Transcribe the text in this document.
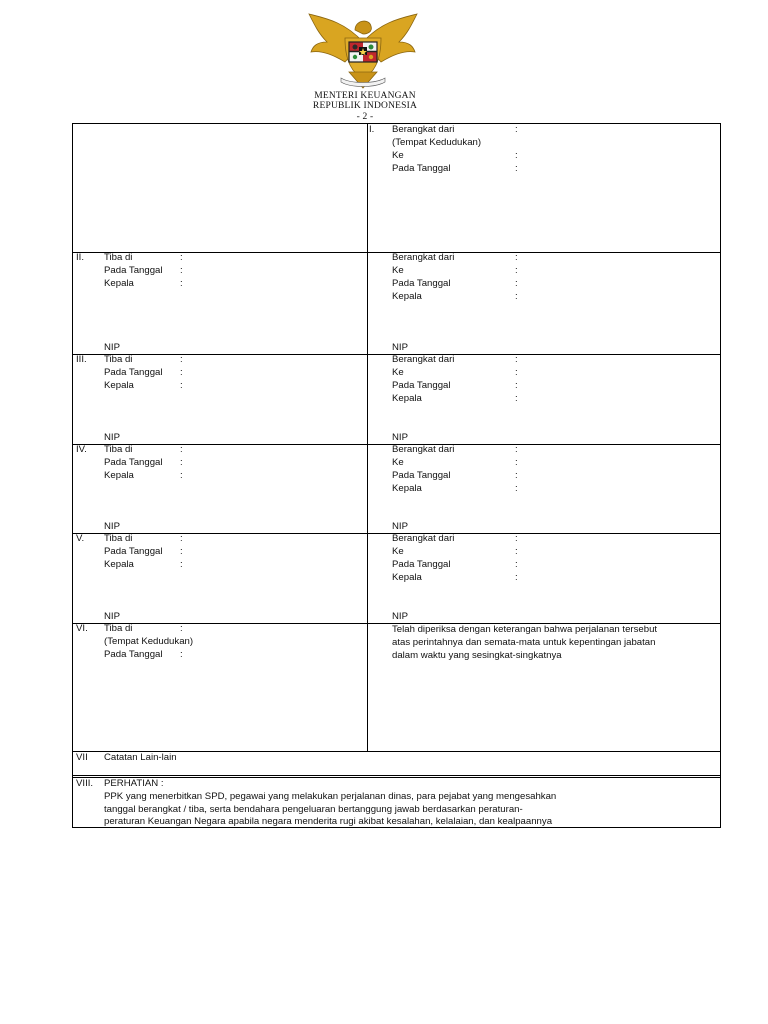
MENTERI KEUANGAN
REPUBLIK INDONESIA
- 2 -
I. Berangkat dari	:
(Tempat Kedudukan)
Ke	:
Pada Tanggal	:
II. Tiba di	:
Pada Tanggal :
Kepala	:
NIP
Berangkat dari	:
Ke	:
Pada Tanggal	:
Kepala	:
NIP
III. Tiba di	:
Pada Tanggal :
Kepala	:
NIP
Berangkat dari	:
Ke	:
Pada Tanggal	:
Kepala	:
NIP
IV. Tiba di	:
Pada Tanggal :
Kepala	:
NIP
Berangkat dari	:
Ke	:
Pada Tanggal	:
Kepala	:
NIP
V. Tiba di	:
Pada Tanggal :
Kepala	:
NIP
Berangkat dari	:
Ke	:
Pada Tanggal	:
Kepala	:
NIP
VI. Tiba di	:
(Tempat Kedudukan)
Pada Tanggal :
Telah diperiksa dengan keterangan bahwa perjalanan tersebut atas perintahnya dan semata-mata untuk kepentingan jabatan dalam waktu yang sesingkat-singkatnya
VII Catatan Lain-lain
VIII. PERHATIAN :
PPK yang menerbitkan SPD, pegawai yang melakukan perjalanan dinas, para pejabat yang mengesahkan
tanggal berangkat / tiba, serta bendahara pengeluaran bertanggung jawab berdasarkan peraturan-
peraturan Keuangan Negara apabila negara menderita rugi akibat kesalahan, kelalaian, dan kealpaannya
